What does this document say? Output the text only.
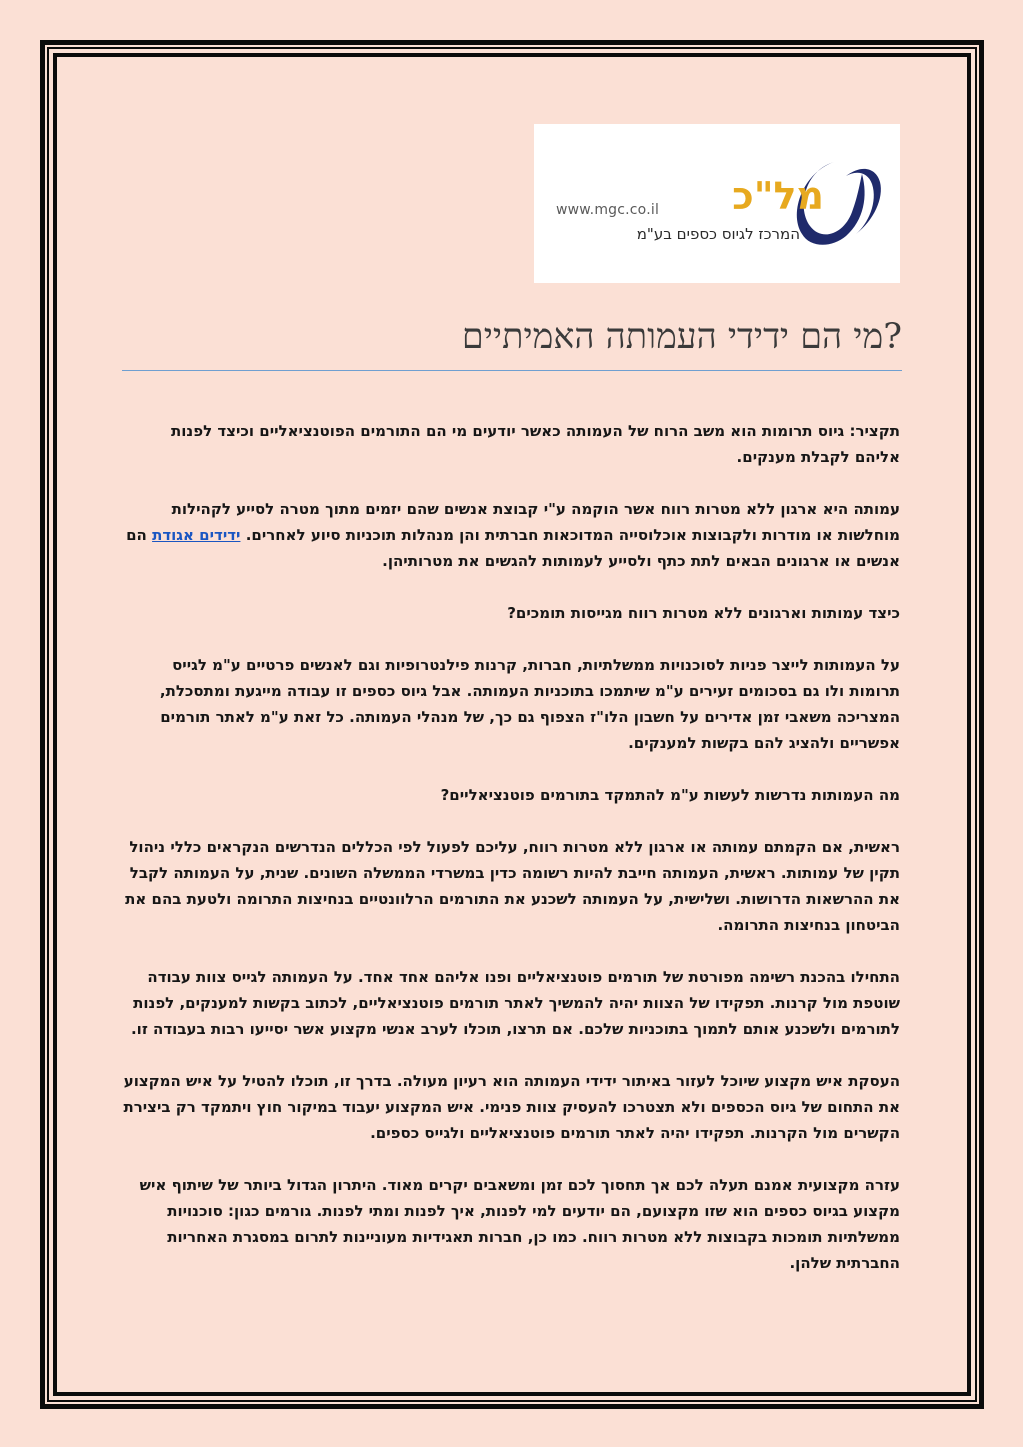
מל"כ
www.mgc.co.il
המרכז לגיוס כספים בע"מ
?מי הם ידידי העמותה האמיתיים

תקציר: גיוס תרומות הוא משב הרוח של העמותה כאשר יודעים מי הם התורמים הפוטנציאליים וכיצד לפנות אליהם לקבלת מענקים.

עמותה היא ארגון ללא מטרות רווח אשר הוקמה ע"י קבוצת אנשים שהם יזמים מתוך מטרה לסייע לקהילות מוחלשות או מודרות ולקבוצות אוכלוסייה המדוכאות חברתית והן מנהלות תוכניות סיוע לאחרים. ידידים אגודת הם אנשים או ארגונים הבאים לתת כתף ולסייע לעמותות להגשים את מטרותיהן.

כיצד עמותות וארגונים ללא מטרות רווח מגייסות תומכים?

על העמותות לייצר פניות לסוכנויות ממשלתיות, חברות, קרנות פילנטרופיות וגם לאנשים פרטיים ע"מ לגייס תרומות ולו גם בסכומים זעירים ע"מ שיתמכו בתוכניות העמותה. אבל גיוס כספים זו עבודה מייגעת ומתסכלת, המצריכה משאבי זמן אדירים על חשבון הלו"ז הצפוף גם כך, של מנהלי העמותה. כל זאת ע"מ לאתר תורמים אפשריים ולהציג להם בקשות למענקים.

מה העמותות נדרשות לעשות ע"מ להתמקד בתורמים פוטנציאליים?

ראשית, אם הקמתם עמותה או ארגון ללא מטרות רווח, עליכם לפעול לפי הכללים הנדרשים הנקראים כללי ניהול תקין של עמותות. ראשית, העמותה חייבת להיות רשומה כדין במשרדי הממשלה השונים. שנית, על העמותה לקבל את ההרשאות הדרושות. ושלישית, על העמותה לשכנע את התורמים הרלוונטיים בנחיצות התרומה ולטעת בהם את הביטחון בנחיצות התרומה.

התחילו בהכנת רשימה מפורטת של תורמים פוטנציאליים ופנו אליהם אחד אחד. על העמותה לגייס צוות עבודה שוטפת מול קרנות. תפקידו של הצוות יהיה להמשיך לאתר תורמים פוטנציאליים, לכתוב בקשות למענקים, לפנות לתורמים ולשכנע אותם לתמוך בתוכניות שלכם. אם תרצו, תוכלו לערב אנשי מקצוע אשר יסייעו רבות בעבודה זו.

העסקת איש מקצוע שיוכל לעזור באיתור ידידי העמותה הוא רעיון מעולה. בדרך זו, תוכלו להטיל על איש המקצוע את התחום של גיוס הכספים ולא תצטרכו להעסיק צוות פנימי. איש המקצוע יעבוד במיקור חוץ ויתמקד רק ביצירת הקשרים מול הקרנות. תפקידו יהיה לאתר תורמים פוטנציאליים ולגייס כספים.

עזרה מקצועית אמנם תעלה לכם אך תחסוך לכם זמן ומשאבים יקרים מאוד. היתרון הגדול ביותר של שיתוף איש מקצוע בגיוס כספים הוא שזו מקצועם, הם יודעים למי לפנות, איך לפנות ומתי לפנות. גורמים כגון: סוכנויות ממשלתיות תומכות בקבוצות ללא מטרות רווח. כמו כן, חברות תאגידיות מעוניינות לתרום במסגרת האחריות החברתית שלהן.
